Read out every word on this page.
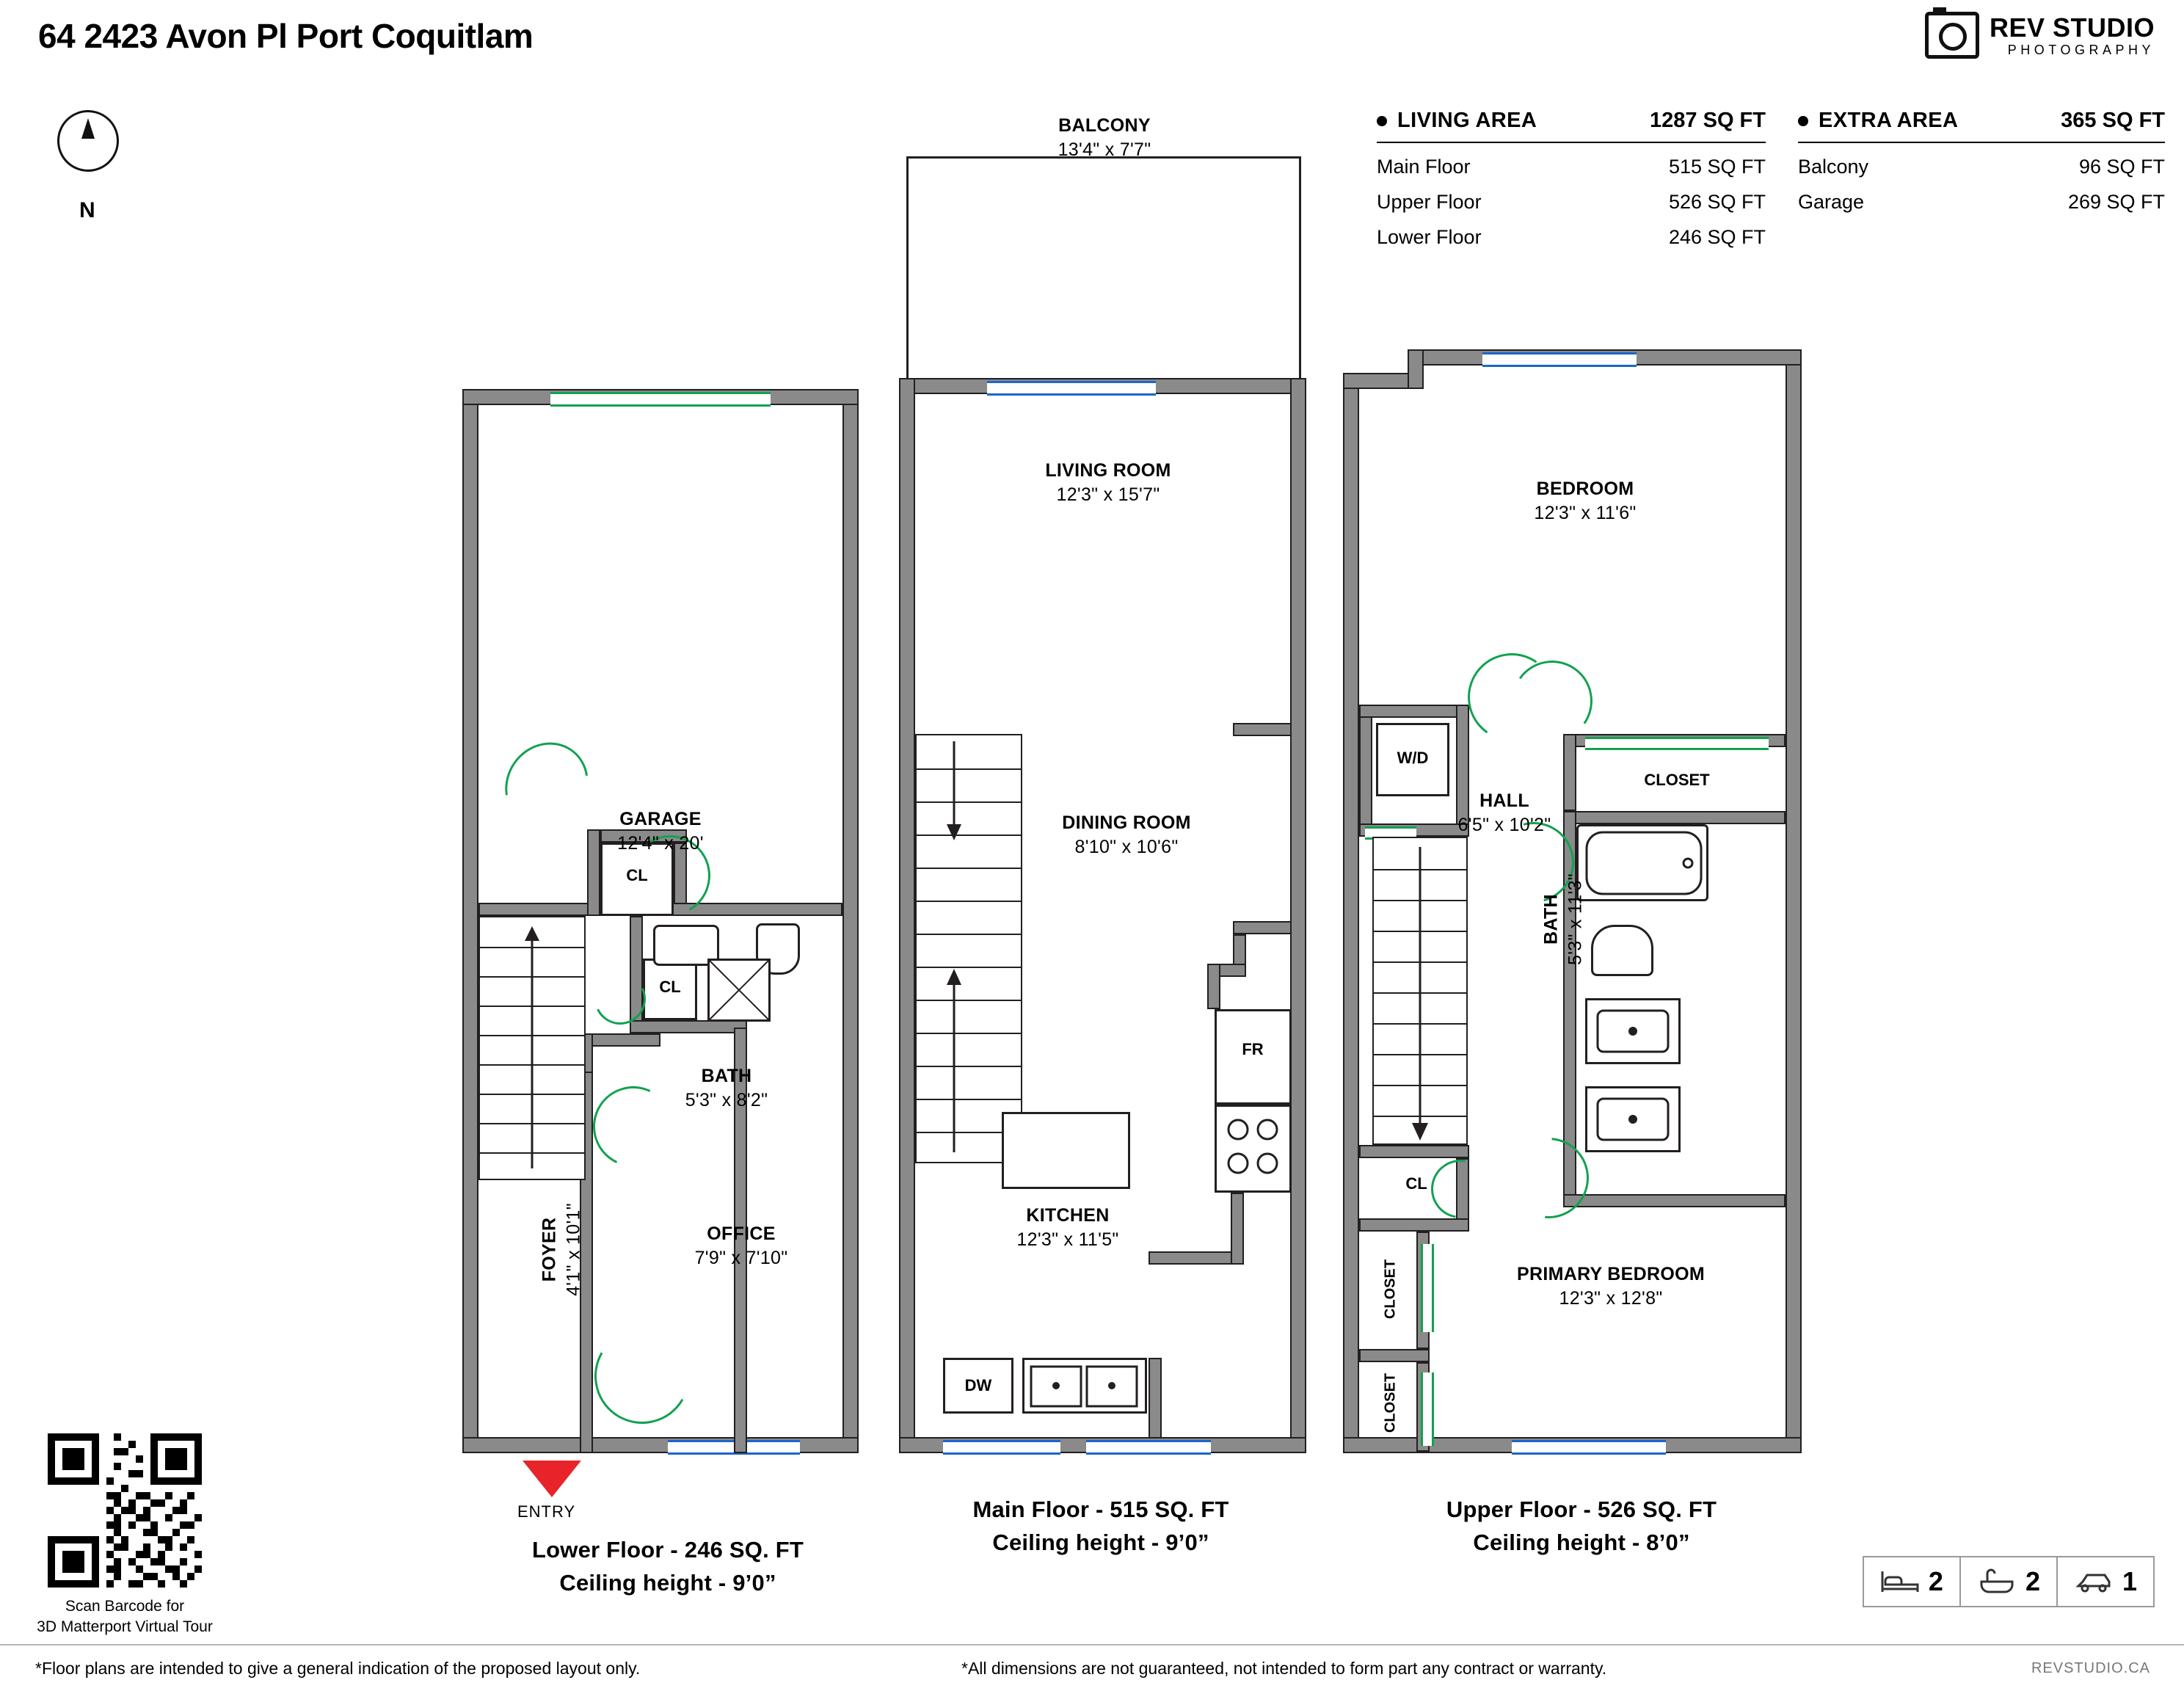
64 2423 Avon Pl Port Coquitlam	REV STUDIO
PHOTOGRAPHY
N
LIVING AREA	1287 SQ FT
Main Floor	515 SQ FT
Upper Floor	526 SQ FT
Lower Floor	246 SQ FT
EXTRA AREA	365 SQ FT
Balcony	96 SQ FT
Garage	269 SQ FT
CL
CL
GARAGE
12'4" x 20'
BATH
5'3" x 8'2"
OFFICE
7'9" x 7'10"
FOYER 4'1" x 10'1"
ENTRY
Lower Floor - 246 SQ. FT
Ceiling height - 9’0”
FR
DW
BALCONY
13'4" x 7'7"
LIVING ROOM
12'3" x 15'7"
DINING ROOM
8'10" x 10'6"
KITCHEN
12'3" x 11'5"
Main Floor - 515 SQ. FT
Ceiling height - 9’0”
W/D
CLOSET
CL
CLOSET
CLOSET
BEDROOM
12'3" x 11'6"
HALL
6'5" x 10'2"
BATH 5'3" x 11'3"
PRIMARY BEDROOM
12'3" x 12'8"
Upper Floor - 526 SQ. FT
Ceiling height - 8’0”
Scan Barcode for
3D Matterport Virtual Tour
2	2	1
*Floor plans are intended to give a general indication of the proposed layout only.	*All dimensions are not guaranteed, not intended to form part any contract or warranty.	REVSTUDIO.CA
